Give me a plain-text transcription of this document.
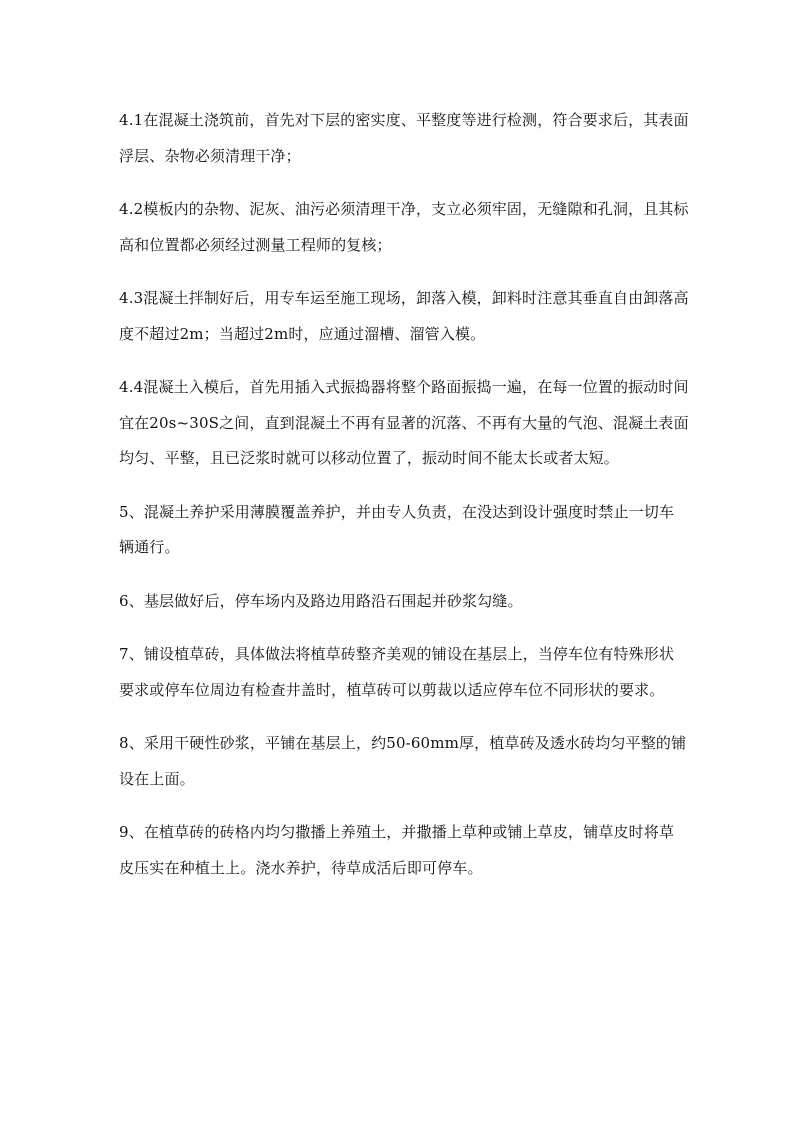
4.1在混凝土浇筑前，首先对下层的密实度、平整度等进行检测，符合要求后，其表面浮层、杂物必须清理干净；

4.2模板内的杂物、泥灰、油污必须清理干净，支立必须牢固，无缝隙和孔洞，且其标高和位置都必须经过测量工程师的复核；

4.3混凝土拌制好后，用专车运至施工现场，卸落入模，卸料时注意其垂直自由卸落高度不超过2m；当超过2m时，应通过溜槽、溜管入模。

4.4混凝土入模后，首先用插入式振捣器将整个路面振捣一遍，在每一位置的振动时间宜在20s~30S之间，直到混凝土不再有显著的沉落、不再有大量的气泡、混凝土表面均匀、平整，且已泛浆时就可以移动位置了，振动时间不能太长或者太短。

5、混凝土养护采用薄膜覆盖养护，并由专人负责，在没达到设计强度时禁止一切车辆通行。

6、基层做好后，停车场内及路边用路沿石围起并砂浆勾缝。

7、铺设植草砖，具体做法将植草砖整齐美观的铺设在基层上，当停车位有特殊形状要求或停车位周边有检查井盖时，植草砖可以剪裁以适应停车位不同形状的要求。

8、采用干硬性砂浆，平铺在基层上，约50-60mm厚，植草砖及透水砖均匀平整的铺设在上面。

9、在植草砖的砖格内均匀撒播上养殖土，并撒播上草种或铺上草皮，铺草皮时将草皮压实在种植土上。浇水养护，待草成活后即可停车。
